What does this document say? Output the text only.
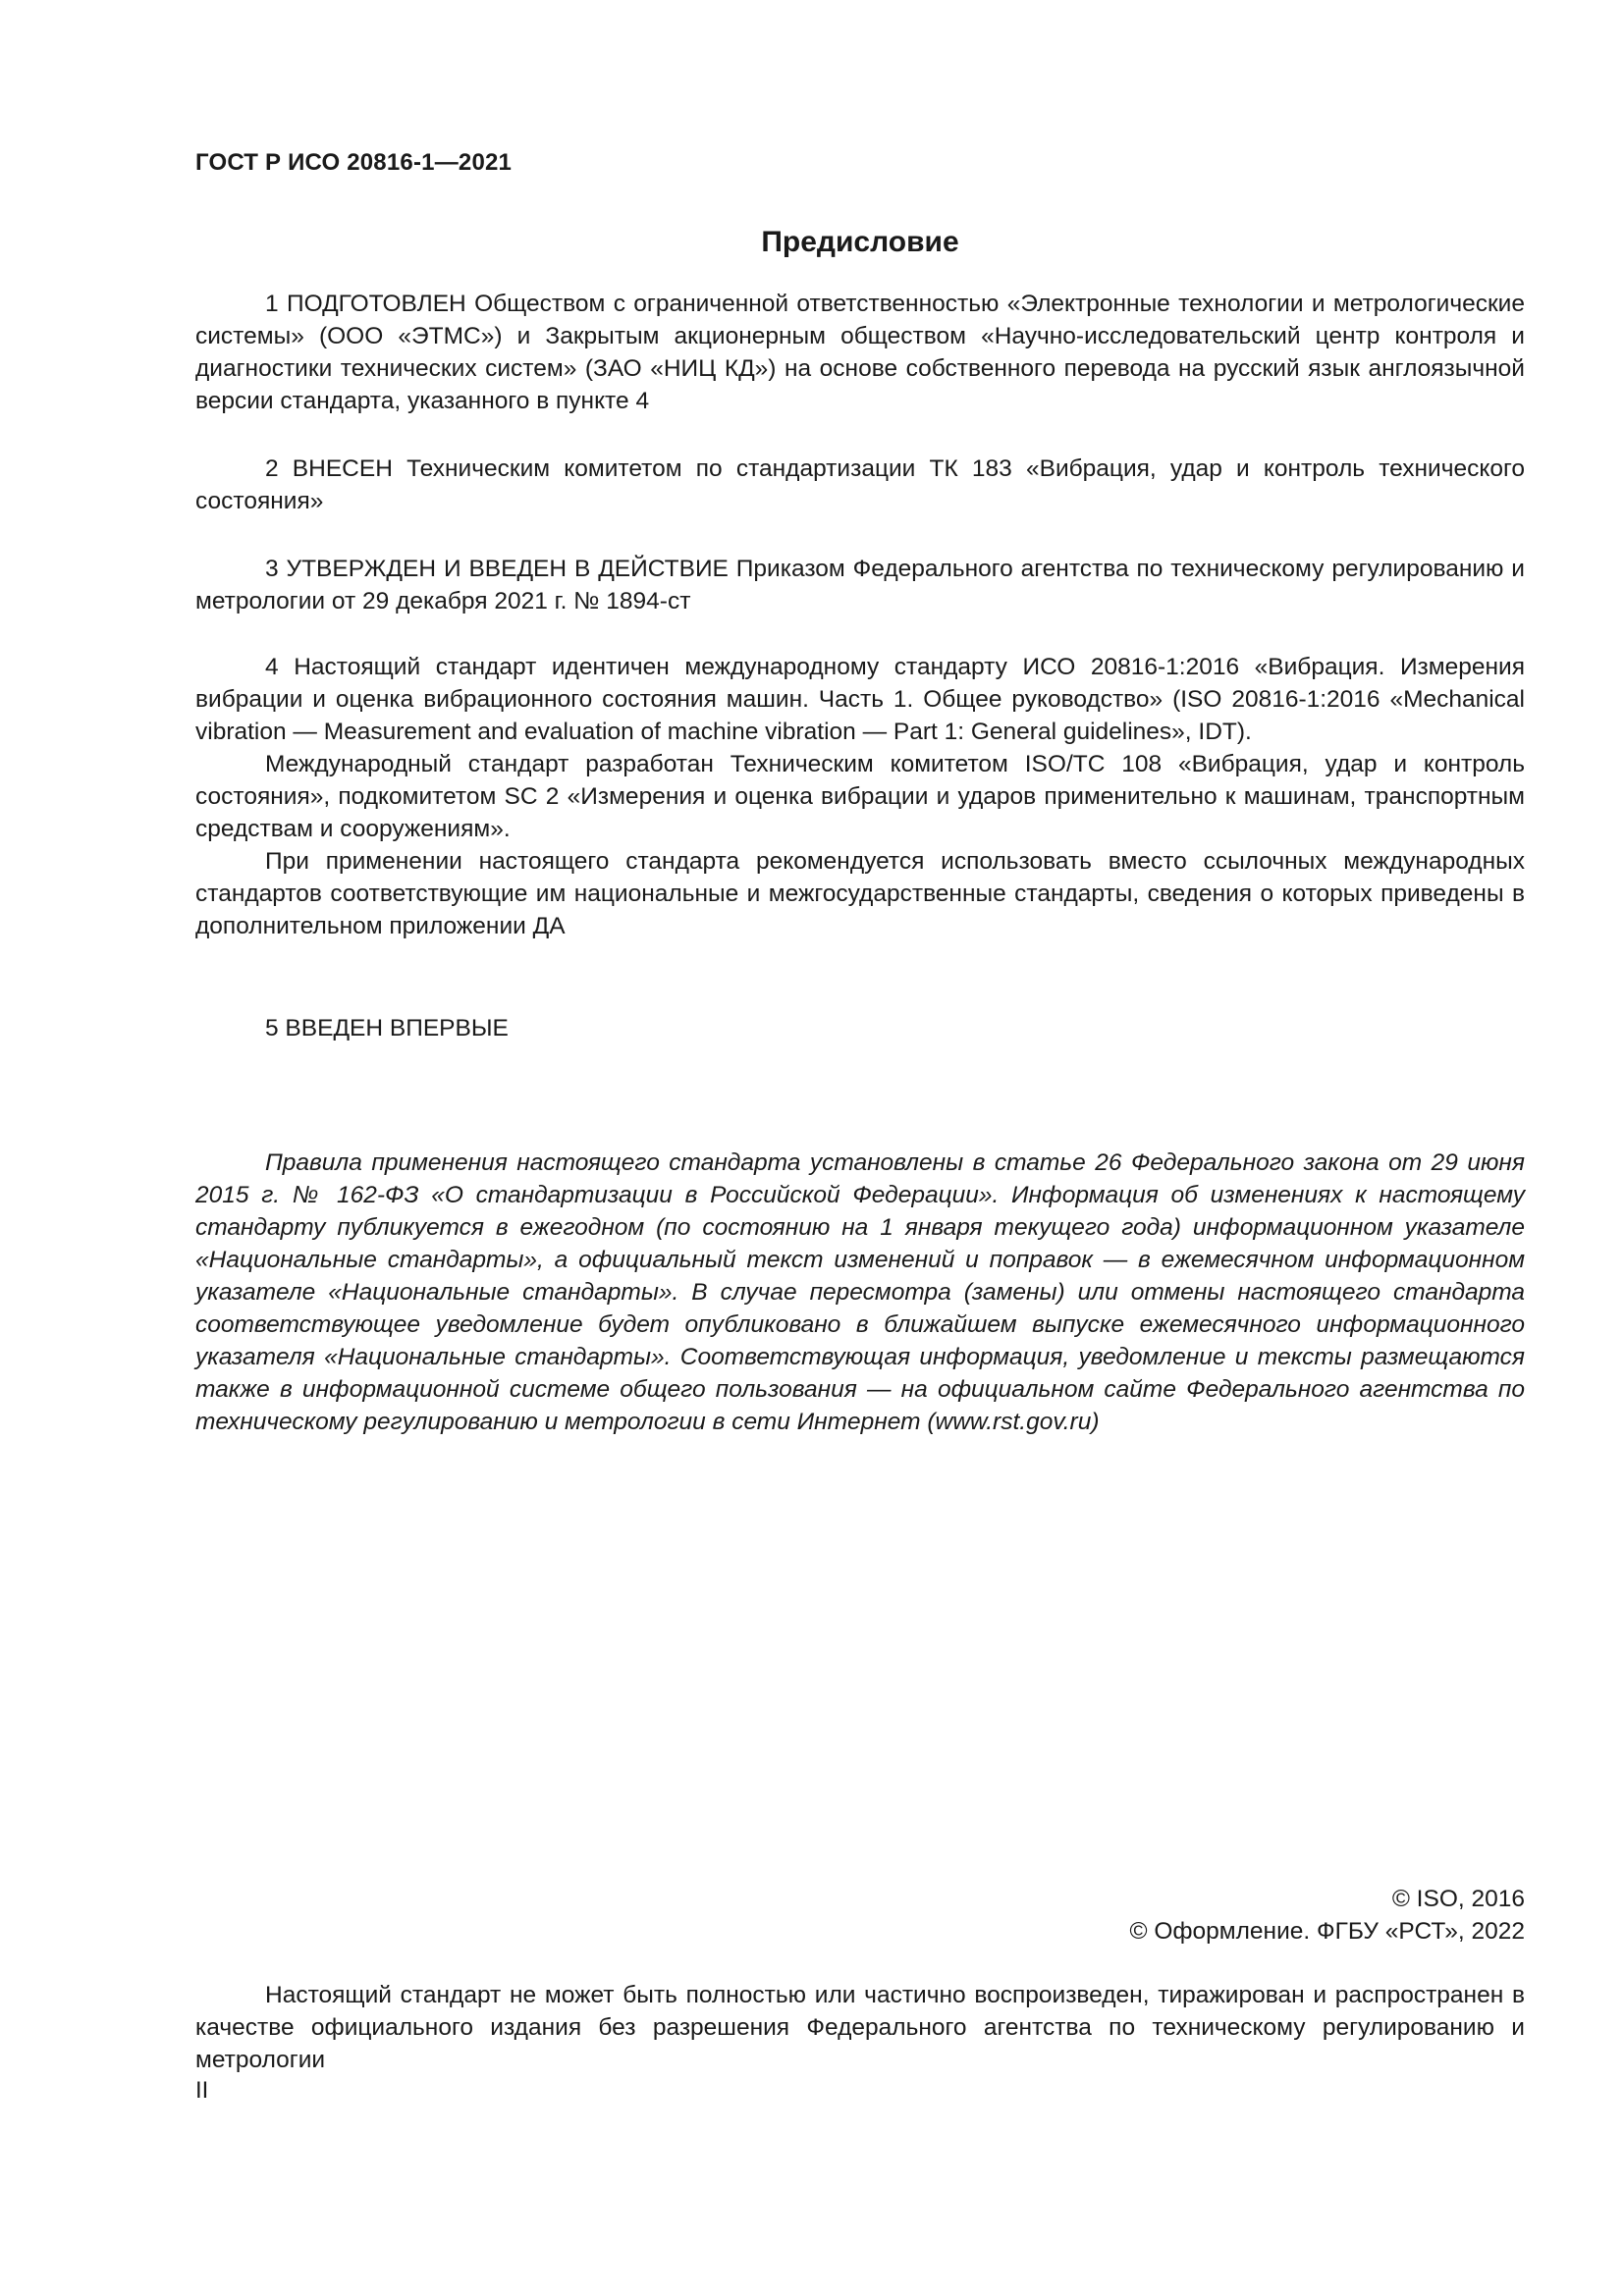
ГОСТ Р ИСО 20816-1—2021
Предисловие

1 ПОДГОТОВЛЕН Обществом с ограниченной ответственностью «Электронные технологии и метрологические системы» (ООО «ЭТМС») и Закрытым акционерным обществом «Научно-исследовательский центр контроля и диагностики технических систем» (ЗАО «НИЦ КД») на основе собственного перевода на русский язык англоязычной версии стандарта, указанного в пункте 4

2 ВНЕСЕН Техническим комитетом по стандартизации ТК 183 «Вибрация, удар и контроль технического состояния»

3 УТВЕРЖДЕН И ВВЕДЕН В ДЕЙСТВИЕ Приказом Федерального агентства по техническому регулированию и метрологии от 29 декабря 2021 г. № 1894-ст

4 Настоящий стандарт идентичен международному стандарту ИСО 20816-1:2016 «Вибрация. Измерения вибрации и оценка вибрационного состояния машин. Часть 1. Общее руководство» (ISO 20816-1:2016 «Mechanical vibration — Measurement and evaluation of machine vibration — Part 1: General guidelines», IDT).

Международный стандарт разработан Техническим комитетом ISO/TC 108 «Вибрация, удар и контроль состояния», подкомитетом SC 2 «Измерения и оценка вибрации и ударов применительно к машинам, транспортным средствам и сооружениям».

При применении настоящего стандарта рекомендуется использовать вместо ссылочных международных стандартов соответствующие им национальные и межгосударственные стандарты, сведения о которых приведены в дополнительном приложении ДА

5 ВВЕДЕН ВПЕРВЫЕ

Правила применения настоящего стандарта установлены в статье 26 Федерального закона от 29 июня 2015 г. № 162-ФЗ «О стандартизации в Российской Федерации». Информация об изменениях к настоящему стандарту публикуется в ежегодном (по состоянию на 1 января текущего года) информационном указателе «Национальные стандарты», а официальный текст изменений и поправок — в ежемесячном информационном указателе «Национальные стандарты». В случае пересмотра (замены) или отмены настоящего стандарта соответствующее уведомление будет опубликовано в ближайшем выпуске ежемесячного информационного указателя «Национальные стандарты». Соответствующая информация, уведомление и тексты размещаются также в информационной системе общего пользования — на официальном сайте Федерального агентства по техническому регулированию и метрологии в сети Интернет (www.rst.gov.ru)

© ISO, 2016
© Оформление. ФГБУ «РСТ», 2022

Настоящий стандарт не может быть полностью или частично воспроизведен, тиражирован и распространен в качестве официального издания без разрешения Федерального агентства по техническому регулированию и метрологии

II
